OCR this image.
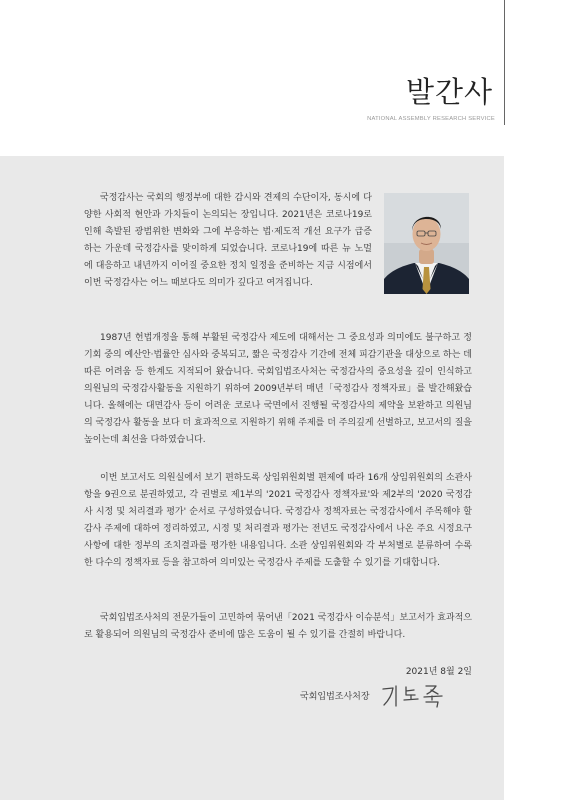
발간사
NATIONAL ASSEMBLY RESEARCH SERVICE

국정감사는 국회의 행정부에 대한 감시와 견제의 수단이자, 동시에 다양한 사회적 현안과 가치들이 논의되는 장입니다. 2021년은 코로나19로 인해 촉발된 광범위한 변화와 그에 부응하는 법‧제도적 개선 요구가 급증하는 가운데 국정감사를 맞이하게 되었습니다. 코로나19에 따른 뉴 노멀에 대응하고 내년까지 이어질 중요한 정치 일정을 준비하는 지금 시점에서 이번 국정감사는 어느 때보다도 의미가 깊다고 여겨집니다.

1987년 헌법개정을 통해 부활된 국정감사 제도에 대해서는 그 중요성과 의미에도 불구하고 정기회 중의 예산안‧법률안 심사와 중복되고, 짧은 국정감사 기간에 전체 피감기관을 대상으로 하는 데 따른 어려움 등 한계도 지적되어 왔습니다. 국회입법조사처는 국정감사의 중요성을 깊이 인식하고 의원님의 국정감사활동을 지원하기 위하여 2009년부터 매년「국정감사 정책자료」를 발간해왔습니다. 올해에는 대면감사 등이 어려운 코로나 국면에서 진행될 국정감사의 제약을 보완하고 의원님의 국정감사 활동을 보다 더 효과적으로 지원하기 위해 주제를 더 주의깊게 선별하고, 보고서의 질을 높이는데 최선을 다하였습니다.

이번 보고서도 의원실에서 보기 편하도록 상임위원회별 편제에 따라 16개 상임위원회의 소관사항을 9권으로 분권하였고, 각 권별로 제1부의 '2021 국정감사 정책자료'와 제2부의 '2020 국정감사 시정 및 처리결과 평가' 순서로 구성하였습니다. 국정감사 정책자료는 국정감사에서 주목해야 할 감사 주제에 대하여 정리하였고, 시정 및 처리결과 평가는 전년도 국정감사에서 나온 주요 시정요구사항에 대한 정부의 조치결과를 평가한 내용입니다. 소관 상임위원회와 각 부처별로 분류하여 수록한 다수의 정책자료 등을 참고하여 의미있는 국정감사 주제를 도출할 수 있기를 기대합니다.

국회입법조사처의 전문가들이 고민하여 묶어낸「2021 국정감사 이슈분석」보고서가 효과적으로 활용되어 의원님의 국정감사 준비에 많은 도움이 될 수 있기를 간절히 바랍니다.

2021년 8월 2일
국회입법조사처장
